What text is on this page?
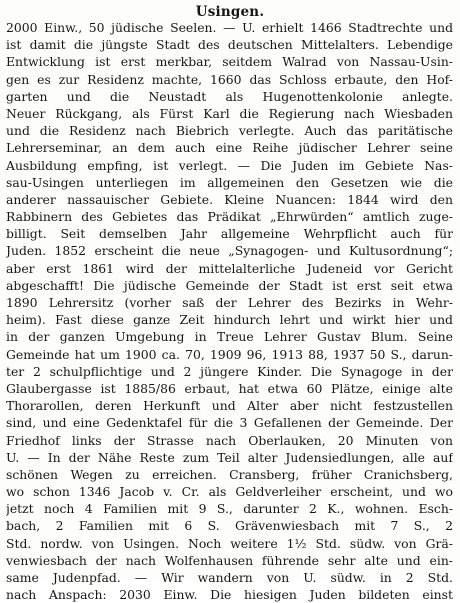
Usingen.
2000 Einw., 50 jüdische Seelen. — U. erhielt 1466 Stadtrechte und
ist damit die jüngste Stadt des deutschen Mittelalters. Lebendige
Entwicklung ist erst merkbar, seitdem Walrad von Nassau-Usin-
gen es zur Residenz machte, 1660 das Schloss erbaute, den Hof-
garten und die Neustadt als Hugenottenkolonie anlegte.
Neuer Rückgang, als Fürst Karl die Regierung nach Wiesbaden
und die Residenz nach Biebrich verlegte. Auch das paritätische
Lehrerseminar, an dem auch eine Reihe jüdischer Lehrer seine
Ausbildung empfing, ist verlegt. — Die Juden im Gebiete Nas-
sau-Usingen unterliegen im allgemeinen den Gesetzen wie die
anderer nassauischer Gebiete. Kleine Nuancen: 1844 wird den
Rabbinern des Gebietes das Prädikat „Ehrwürden“ amtlich zuge-
billigt. Seit demselben Jahr allgemeine Wehrpflicht auch für
Juden. 1852 erscheint die neue „Synagogen- und Kultusordnung“;
aber erst 1861 wird der mittelalterliche Judeneid vor Gericht
abgeschafft! Die jüdische Gemeinde der Stadt ist erst seit etwa
1890 Lehrersitz (vorher saß der Lehrer des Bezirks in Wehr-
heim). Fast diese ganze Zeit hindurch lehrt und wirkt hier und
in der ganzen Umgebung in Treue Lehrer Gustav Blum. Seine
Gemeinde hat um 1900 ca. 70, 1909 96, 1913 88, 1937 50 S., darun-
ter 2 schulpflichtige und 2 jüngere Kinder. Die Synagoge in der
Glaubergasse ist 1885/86 erbaut, hat etwa 60 Plätze, einige alte
Thorarollen, deren Herkunft und Alter aber nicht festzustellen
sind, und eine Gedenktafel für die 3 Gefallenen der Gemeinde. Der
Friedhof links der Strasse nach Oberlauken, 20 Minuten von
U. — In der Nähe Reste zum Teil alter Judensiedlungen, alle auf
schönen Wegen zu erreichen. Cransberg, früher Cranichsberg,
wo schon 1346 Jacob v. Cr. als Geldverleiher erscheint, und wo
jetzt noch 4 Familien mit 9 S., darunter 2 K., wohnen. Esch-
bach, 2 Familien mit 6 S. Grävenwiesbach mit 7 S., 2
Std. nordw. von Usingen. Noch weitere 1½ Std. südw. von Grä-
venwiesbach der nach Wolfenhausen führende sehr alte und ein-
same Judenpfad. — Wir wandern von U. südw. in 2 Std.
nach Anspach: 2030 Einw. Die hiesigen Juden bildeten einst
